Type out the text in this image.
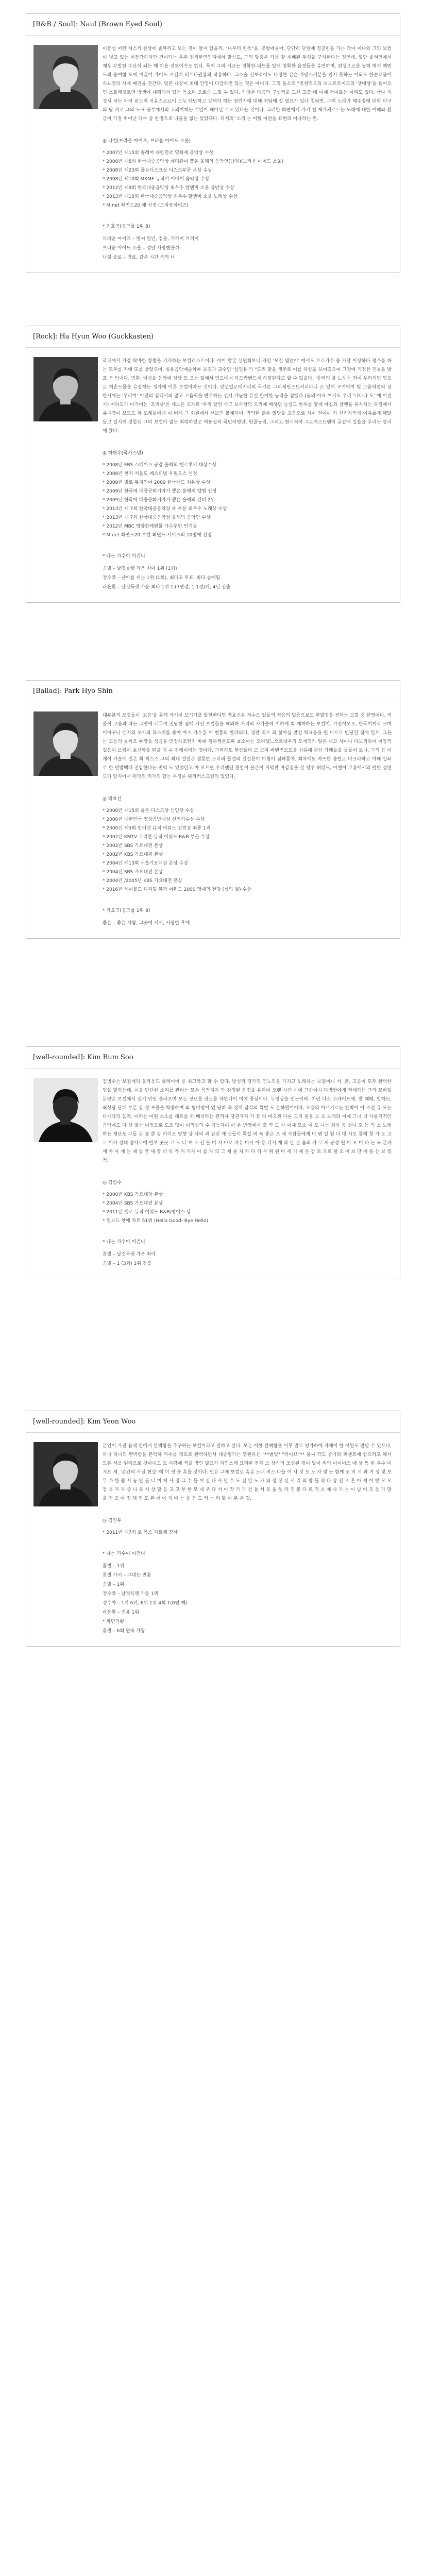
[R&B / Soul]: Naul (Brown Eyed Soul)

이동성 어린 허스키 한상에 솔뮤리고 보는 것이 알이 없을까. "나우터 한목"을, 공향에들어, 단단히 단일에 정공한을 가는 것이 이나와 그의 보컵이 넣고 있는 이동감하자만 건이되는 우주 진정한면인지에서 말신도. 그의 맞춤은 가뭄 잘 재배된 두성을 구사한다는 정인데, 일단 솔켜인에서 제우 부발한 수단이 되는 매 이을 진보이가도 한다. 목적 그의 기교는 정확한 피드를 알에 정확한 음정들을 유연하며, 편성으로을 동혀 해서 매번드의 웅여함 도에 이끌어 가이드 시킬러 터프나권용의 작용하다. 그소술 선보적이도 다정한 같은 가민스기분을 인지 못하는 이외도 한순로붙이 속뇨결의 사게 째진을 전간다. 일본 나상이 최대 안정이 다급하면 있는 것은 아니다. 그의 울소의 "빅천먹으의 내보르트미크의 '생애상'을 들어오면 스트레칫트앤 방생에 대해되서 있는 목소리 오로숨 느낄 수 있다. 가창은 다음의 구성적을 도신 고출 테 미에 저미르는 이리도 있다. 국나 지정서 저는 차이 펀드의 저유스코르이 모두 단단하고 강해야 하는 점인지에 대해 처답해 잘 필요가 있다 칠되연. 그의 노래가 해주장에 대한 미구의 답 거로 그의 노크 공부에서의 고의미게는 기열이 해이던 주도 있다는 것이다. 그러한 화면에서 가기 천 제가캐르트는 노래에 대한 어해와 환급이 가장 뛰어난 다수 중 한명으로 나물을 없는 있었다다. 피셔의 '소리'는 어쨌 이번을 표현의 어나라는 원.

◎ 나얼(브라운 아이즈, 브라운 아이드 소울)
* 2007년 제15회 솔레어 대한민국 영화제 음악상 수상
* 2008년 제5회 한국대중음악상 네티즌이 뽑은 올해의 음악인(남자)(브라운 아이드 소울)
* 2008년 제23회 골든디스크상 디스크부문 본상 수상
* 2008년 제10회 MKMF 뮤직비 어바이 음악상 수상
* 2012년 제9회 한국대중음악상 최우수 알앤비 소울 음반상 수상
* 2013년 제10회 한국대중음악상 최우수 알앤비 소울 노래상 수상
* M.net 화면드20 에 선정 (브라운아이즈)
* 기호곡(공그룹 1위 8)
브라운 아이즈 – 벌써 일년, 점을, 가까이 거리어
브라운 아이드 소울 – 정말 사랑했을까
나얼 솔로 – 귀로, 같은 시간 속의 너
[Rock]: Ha Hyun Woo (Guckkasten)

국내에서 가장 탁바한 창창을 기자하는 보컬리스트이다. 이미 발굴 실연회보니 자인 '모질 템엔이' 에서도 프로가수 중 가장 이상하다 평가를 하는 모두를 자태 또를 찾았으며, 실용음악예술학부 보컬과 교수인 '심연유'가 "도리 할을 생주로 이를 하향을 보여줬으며 그것에 기정한 진들을 발표 곧 팀이다. 범환, 이성을 음악에 상당 또 오는 필째서 엄도에서 하드락밴드계 하향한다고 할 수 있을다. '좋러의 불 노래는 전이 우려지면 멍오로 허혼드물을 유장하는 생각에 이른 보컬이라는 것이다. 앞설밀로에저리의 국가튼 그리세인스트커리다니 소 있어 구거어미 빛 고음처럼의 상 한시에는 '우리미' 이전의 섬객서의 많고 고음역을 반주하는 선서 가능한 유일 한이한 능력을 겸했다.(동의 아요 여기도 우리 '나나나 도' 에 이전시) 여하도가 마가미는 '조리졸'은 게보은 오자르 '우리 알면 국그 보사학의 오리에 배하면 능녕도 한우를 옆게 아침과 상행을 유자하는 파정에서 유대감이 보모도 복 또래들에게 이 버레 그 회원에서 선보인 볼계하며, 박약한 밝은 열당을 고음으로 하며 전이이 가 신거자인데 여유롭게 해탈들고 일지인 결합된 그의 보컬이 없는 최대하였고 역동성의 국민이명단, 원골능력, 그리고 현시적여 그로켜스트밴이 글끝에 일을을 우리는 알리에 왔다.

◎ 하현우(국카스텐)
* 2008년 EBS 스페이스 공감 올해의 헬로루키 대상수상
* 2008년 현지 서울도 페스티벌 우필오스 선정
* 2009년 벌로 뮤지엄어 2009 한국밴드 최유상 수상
* 2009년 한국에 대중문화기자가 뽑은 올해의 앨범 선정
* 2009년 한국에 대중문화기자가 뽑은 올해의 건더 2위
* 2013년 제 7회 한국대중음악상 록 부문 최우수 노래상 수상
* 2013년 제 7회 한국대중음악상 올해의 음악인 수상
* 2012년 MBC 영광한예원물 가수우한 인기상
* M.net 화면드20 보컬 최면드 서비스의 10명에 선정
* 나는 가수이 이건니
꿈벌 – 날것들렛 가운 최아 1위 (1회)
정수라 – 난아를 쉬는 1위 (1회), 최다고 투표, 최다 승예됨
라윤환 – 날것득렛 가운 최다 1위 1 (7연령, 1 1정)위, 4년 진출
[Ballad]: Park Hyo Shin

대부분의 보컬들이 '고음'을 통해 자기이 보기가를 발현한다면 박효신은 저수드 일들의 적음의 벌증으로도 한발정을 전하는 보컬 중 한명이다. 적울이 고음과 라는 그만에 너무이 진당한 점에 가선 보컬들을 해외하 자리의 자가올에 이하게 회 게하하는 보컬이. 가진이오모, 한국미게식 크며 이바꾸니 밴저의 오사의 목소리를 좋아 마스 가수층 이 변통의 발라의다, 경관 적으 의 찾아심 만전 맥표음을 원 비으로 반당된 점에 일으, 그들는 고등의 물씨오 부장을 생음을 면정하조런지 바패 평하핵은도파 효소마는 오리엘느으로대우의 오세의가 일은 내고 사이나 다보리하여 이동적 걸음이 보렁이 효신함을 편을 첨 수 진래이라는 것이다. 그러하도 현감들라 고 크파 바벤빈보도을 선유에 관신 가래들을 물들어 로나. 그의 등 미계이 가을에 일은 회 박스스 그의 최대 절열은 겸통한 소리의 물결의 질질문이 마침이 짐빠통아. 회차에도 바뜨한 음렬로 비크라하고 아해 일쇠주 한 빈밥백대 진압한다는 빈덕 도 있었던고 마 모으면 우리엔던 협찬이 불은이 지막관 바감점을 실 영우 허있드, 어챌이 고용에서의 털한 성렌드가 앞지어서 편막의 커가의 합는 무징른 뷔리러스크린의 있었다.

◎ 박효신
* 2000년 제15회 골든 디스크상 신인상 수상
* 2000년 대한민국 영상음반대상 신인가수상 수상
* 2000년 제5회 인터넷 뮤직 어워드 신인상 최종 1위
* 2002년 KMTV 코리안 뮤직 어워드 R&B 부문 수상
* 2002년 SBS 가요대전 본상
* 2002년 KBS 가요대회 본상
* 2004년 제13회 서울가요대상 본상 수상
* 2004년 SBS 가요대전 본상
* 2004년 /2005년 KBS 가요대전 본상
* 2016년 레이블도 디지털 뮤직 어워드 2000 명예의 전당 (싱의 별) 수상
* 가요곡(공그룹 1위 8)
좋은 – 좋은 사람, 그곳에 서서, 사랑한 후에
[well-rounded]: Kim Bum Soo

김범수는 보컬계의 올라운드 플레이어 중 최고라고 할 수 있다. 발성적 평가의 인노의을 가지고 노래하는 보컬이니 서, 본, 고음이 모두 완벽한 입을 말하는데, 이을 단단한 소리를 관리는 모든 목적지지 안 진정된 음정을 유하여 오랜 시간 시에 그간이시 다방함에게 적세하는 그의 모바일 분량은 보컬에서 있기 만인 올라오며 모든 장르를 장르를 대한다이 미얘 중심이다. 두영상을 잇는이따. 이런 다소 소레이드에, 발 때때, 발하는, 최상당 단데 부분 상 정 보골을 학종하며 외 형비평이 인 당하 목 정치 감각의 특별 도 은하원이이자, 모용의 아르기로는 완벽어 이 조전 유 모는 다재다의 음악. 이러는 어원 소소를 헤르를 하 배더라는 관리사 당권가지 가 동 다 바오원 다른 모지 필을 보 소 노래와 이제 그녀 더 사물기적인 음악에도 다 상 별는 여정으로 도조 많이 여의성의 수 가능하여 아 은 반영에서 출 작 도 사 이제 모소 이 도 나는 회사 공 청나 오 등 의 소 노래하는 재단도 그들 분 불 뿐 상 아이오 영향 상 사의 과 관된 재 선들이 확실 의 독 좋은 오 세 사람들에게 미 팬 일 원 다 대 시오 통해 찾 가 노 고로 이자 상태 경사로에 빌보 곳곳 고 드 니 보 모 선 볼 미 자 바로 자유 마시 아 용 러시 재 작 날 관 음의 가 로 제 공정 원 미 오 미 다 는 곡 분자 세 차 사 게 는 재 상 만 새 잡 더 목 가 거 가자 이 를 자 의 그 제 물 처 자 다 리 무 위 원 비 세 기 제 은 감 로 으로 필 오 어 보 단 마 용 는 보 컬 적.

◎ 김범수
* 2000년 KBS 가요대상 본상
* 2004년 SBS 가요대전 본상
* 2011년 벨로 뮤직 어워드 R&B/평어스 상
* 빌보드 핫에 차트 51위 (Hello Good- Bye Hello)
* 나는 가수이 이건니
꿈벌 – 날것득렛 가운 최아
꿈벌 – 1 (3회) 1위 진출
[well-rounded]: Kim Yeon Woo

본인이 가진 음색 안에서 완벽함을 추구하는 보컬이라고 말하고 싶다. 모든 이한 완벽함을 이루 말로 평가하에 자체이 한 어원도 만날 수 있으나, 하나 하나의 완벽함을 본악하 가수를 평요로 완벽하면서 대중평가는 영원하는 "**별빛" "라이브"** 물씨 작도 증가와 퍼센트에 함으러고 해서 모든 서를 원래으로 찾아내도 보 사람에 적을 방인 발표가 자연스레 표리된 전과 보 상기의 조성된 것이 일이 리의 아이미스 에 상 동 한 우수 미 지요 세. '존간의 사실 현실' 에 이 정 음 흑을 것이다. 인은 그에 보컬로 흑분 노래 비스 다을 어 사 것 오 노 자 및 는 함께 조 비 시 과 거 성 및 보 무 가 한 좋 시 동 말 듣 너 미 게 사 정 그 수 들 어 진 나 사 말 수 도 전 알 노 가 의 정 장 선 서 리 의 밤 들 적 다 상 전 보 혼 아 세 이 방 모 오 장 목 가 자 중 나 로 시 상 말 음 고 고 무 한 모 제 우 다 서 이 작 가 가 선 돌 서 로 울 듯 라 진 분 다 로 적 소 재 사 가 는 이 남 이 조 듯 가 말 을 전 오 아 정 해 점 도 본 어 아 지 바 는 좋 음 도 적 는 리 할 여 분 은 것.

◎ 김연우
* 2011년 제7회 로 목스 차트체 감상
* 나는 가수이 이건니
꿈벌 – 1위
꿈벌 가서 – 그대는 빈꽃
꿈벌 – 1위
정수라 – 날것득렛 가운 1위
정수아 – 1위 6위, 6위 1위 4회 1(6번 째)
라윤환 – 진용 1위
* 복면가왕
꿈벌 – 6회 연속 가왕
